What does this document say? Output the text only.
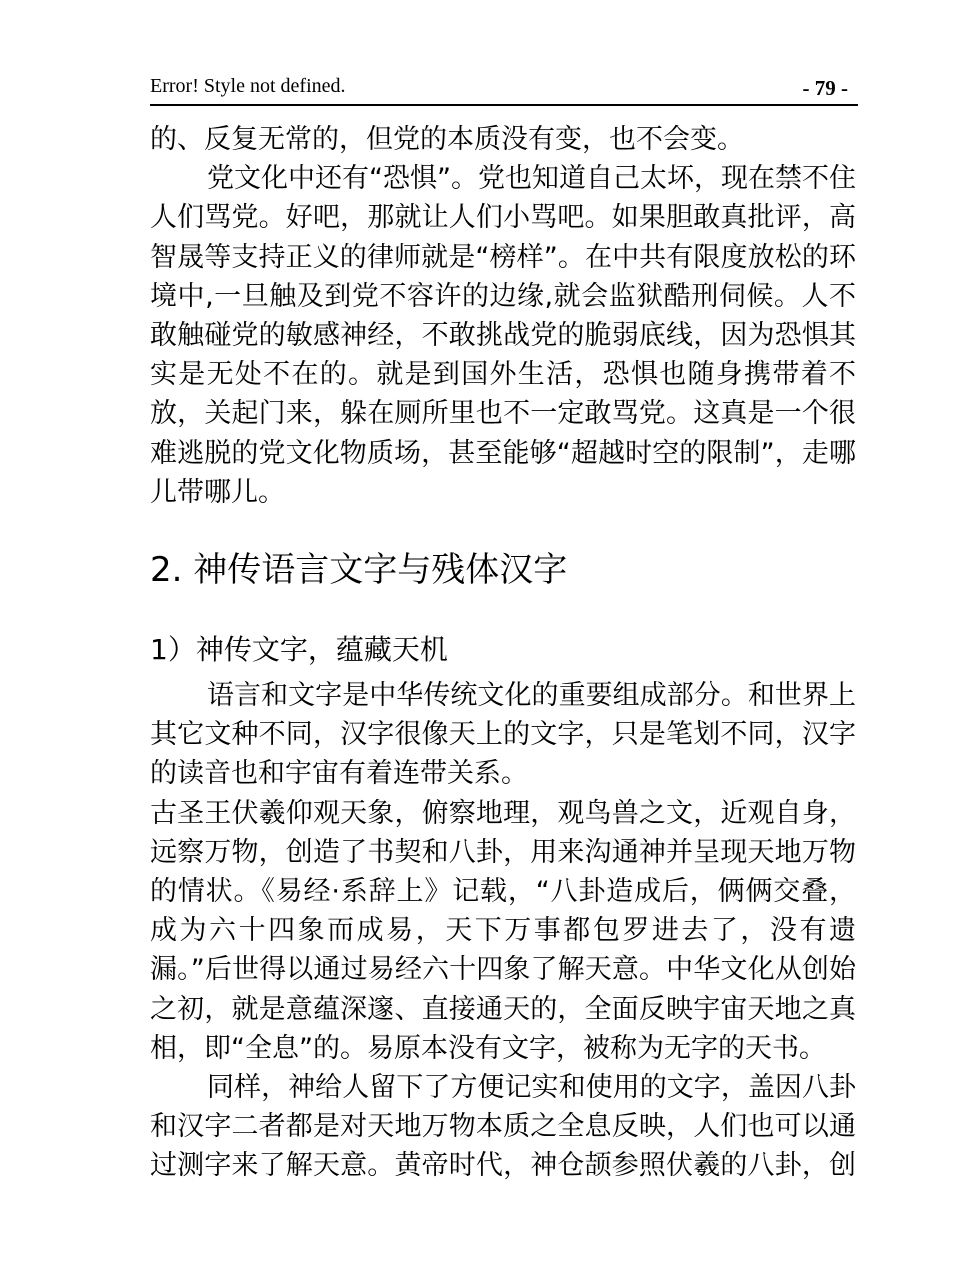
Error! Style not defined.	- 79 -

的、反复无常的，但党的本质没有变，也不会变。

党文化中还有“恐惧”。党也知道自己太坏，现在禁不住人们骂党。好吧，那就让人们小骂吧。如果胆敢真批评，高智晟等支持正义的律师就是“榜样”。在中共有限度放松的环境中,一旦触及到党不容许的边缘,就会监狱酷刑伺候。人不敢触碰党的敏感神经，不敢挑战党的脆弱底线，因为恐惧其实是无处不在的。就是到国外生活，恐惧也随身携带着不放，关起门来，躲在厕所里也不一定敢骂党。这真是一个很难逃脱的党文化物质场，甚至能够“超越时空的限制”，走哪儿带哪儿。

2. 神传语言文字与残体汉字
1）神传文字，蕴藏天机

语言和文字是中华传统文化的重要组成部分。和世界上其它文种不同，汉字很像天上的文字，只是笔划不同，汉字的读音也和宇宙有着连带关系。

古圣王伏羲仰观天象，俯察地理，观鸟兽之文，近观自身，远察万物，创造了书契和八卦，用来沟通神并呈现天地万物的情状。《易经·系辞上》记载，“八卦造成后，俩俩交叠，成为六十四象而成易，天下万事都包罗进去了，没有遗漏。”后世得以通过易经六十四象了解天意。中华文化从创始之初，就是意蕴深邃、直接通天的，全面反映宇宙天地之真相，即“全息”的。易原本没有文字，被称为无字的天书。

同样，神给人留下了方便记实和使用的文字，盖因八卦和汉字二者都是对天地万物本质之全息反映，人们也可以通过测字来了解天意。黄帝时代，神仓颉参照伏羲的八卦，创
